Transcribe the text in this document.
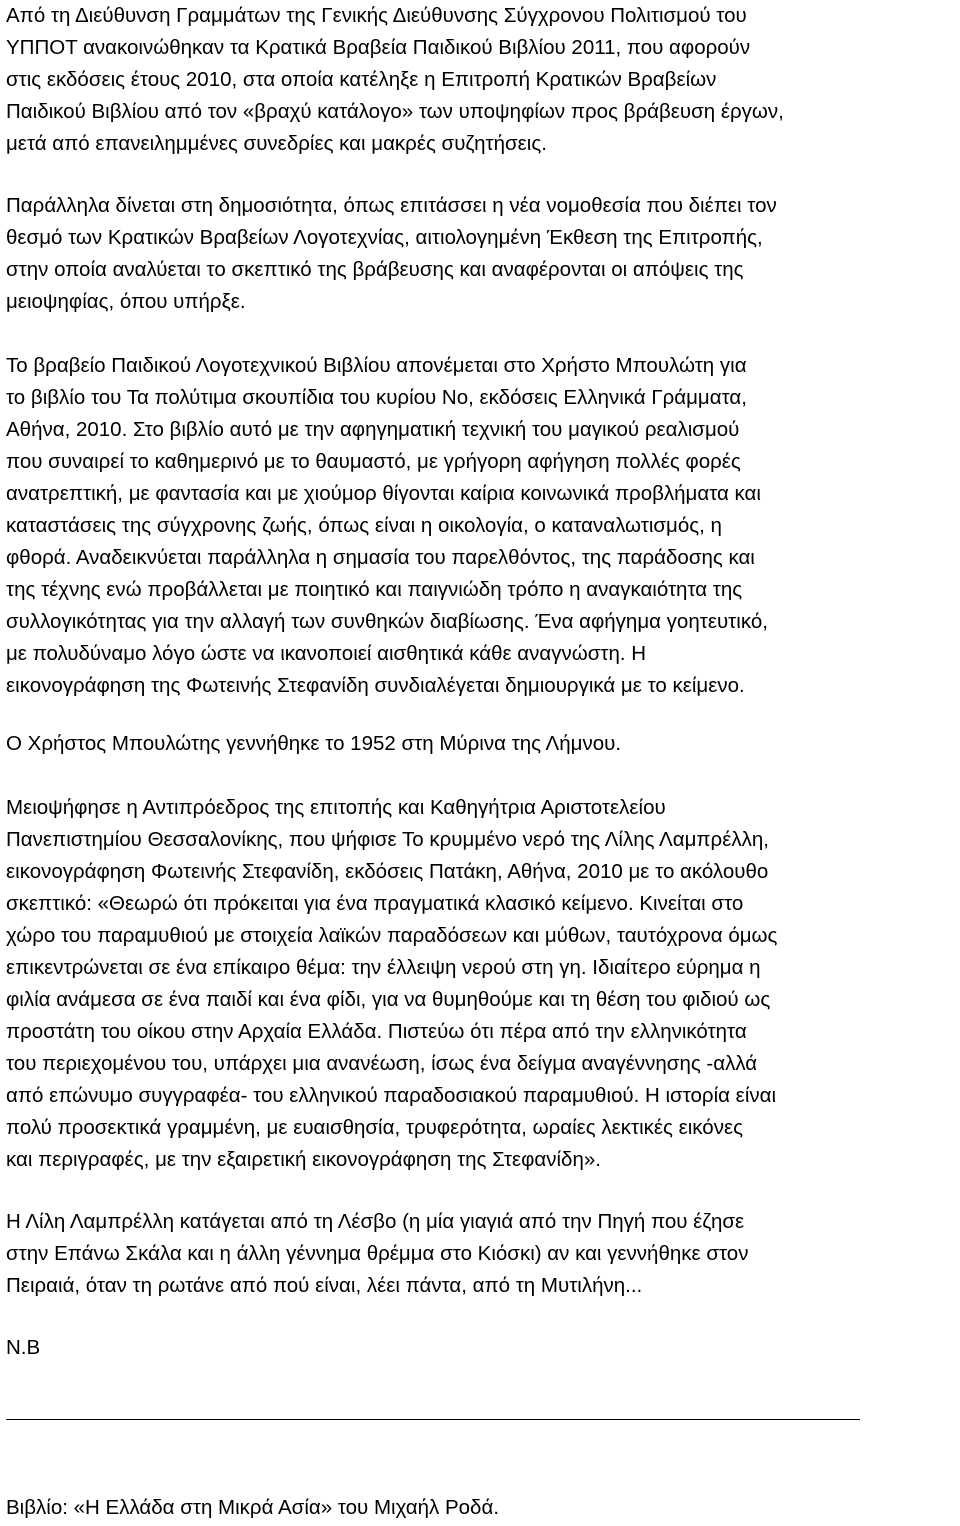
Από τη Διεύθυνση Γραμμάτων της Γενικής Διεύθυνσης Σύγχρονου Πολιτισμού του
ΥΠΠΟΤ ανακοινώθηκαν τα Κρατικά Βραβεία Παιδικού Βιβλίου 2011, που αφορούν
στις εκδόσεις έτους 2010, στα οποία κατέληξε η Επιτροπή Κρατικών Βραβείων
Παιδικού Βιβλίου από τον «βραχύ κατάλογο» των υποψηφίων προς βράβευση έργων,
μετά από επανειλημμένες συνεδρίες και μακρές συζητήσεις.
Παράλληλα δίνεται στη δημοσιότητα, όπως επιτάσσει η νέα νομοθεσία που διέπει τον
θεσμό των Κρατικών Βραβείων Λογοτεχνίας, αιτιολογημένη Έκθεση της Επιτροπής,
στην οποία αναλύεται το σκεπτικό της βράβευσης και αναφέρονται οι απόψεις της
μειοψηφίας, όπου υπήρξε.
Το βραβείο Παιδικού Λογοτεχνικού Βιβλίου απονέμεται στο Χρήστο Μπουλώτη για
το βιβλίο του Τα πολύτιμα σκουπίδια του κυρίου Νο, εκδόσεις Ελληνικά Γράμματα,
Αθήνα, 2010. Στο βιβλίο αυτό με την αφηγηματική τεχνική του μαγικού ρεαλισμού
που συναιρεί το καθημερινό με το θαυμαστό, με γρήγορη αφήγηση πολλές φορές
ανατρεπτική, με φαντασία και με χιούμορ θίγονται καίρια κοινωνικά προβλήματα και
καταστάσεις της σύγχρονης ζωής, όπως είναι η οικολογία, ο καταναλωτισμός, η
φθορά. Αναδεικνύεται παράλληλα η σημασία του παρελθόντος, της παράδοσης και
της τέχνης ενώ προβάλλεται με ποιητικό και παιγνιώδη τρόπο η αναγκαιότητα της
συλλογικότητας για την αλλαγή των συνθηκών διαβίωσης. Ένα αφήγημα γοητευτικό,
με πολυδύναμο λόγο ώστε να ικανοποιεί αισθητικά κάθε αναγνώστη. Η
εικονογράφηση της Φωτεινής Στεφανίδη συνδιαλέγεται δημιουργικά με το κείμενο.
Ο Χρήστος Μπουλώτης γεννήθηκε το 1952 στη Μύρινα της Λήμνου.
Μειοψήφησε η Αντιπρόεδρος της επιτοπής και Καθηγήτρια Αριστοτελείου
Πανεπιστημίου Θεσσαλονίκης, που ψήφισε Το κρυμμένο νερό της Λίλης Λαμπρέλλη,
εικονογράφηση Φωτεινής Στεφανίδη, εκδόσεις Πατάκη, Αθήνα, 2010 με το ακόλουθο
σκεπτικό: «Θεωρώ ότι πρόκειται για ένα πραγματικά κλασικό κείμενο. Κινείται στο
χώρο του παραμυθιού με στοιχεία λαϊκών παραδόσεων και μύθων, ταυτόχρονα όμως
επικεντρώνεται σε ένα επίκαιρο θέμα: την έλλειψη νερού στη γη. Ιδιαίτερο εύρημα η
φιλία ανάμεσα σε ένα παιδί και ένα φίδι, για να θυμηθούμε και τη θέση του φιδιού ως
προστάτη του οίκου στην Αρχαία Ελλάδα. Πιστεύω ότι πέρα από την ελληνικότητα
του περιεχομένου του, υπάρχει μια ανανέωση, ίσως ένα δείγμα αναγέννησης -αλλά
από επώνυμο συγγραφέα- του ελληνικού παραδοσιακού παραμυθιού. Η ιστορία είναι
πολύ προσεκτικά γραμμένη, με ευαισθησία, τρυφερότητα, ωραίες λεκτικές εικόνες
και περιγραφές, με την εξαιρετική εικονογράφηση της Στεφανίδη».
Η Λίλη Λαμπρέλλη κατάγεται από τη Λέσβο (η μία γιαγιά από την Πηγή που έζησε
στην Επάνω Σκάλα και η άλλη γέννημα θρέμμα στο Κιόσκι) αν και γεννήθηκε στον
Πειραιά, όταν τη ρωτάνε από πού είναι, λέει πάντα, από τη Μυτιλήνη...
Ν.Β
Βιβλίο: «Η Ελλάδα στη Μικρά Ασία» του Μιχαήλ Ροδά.
